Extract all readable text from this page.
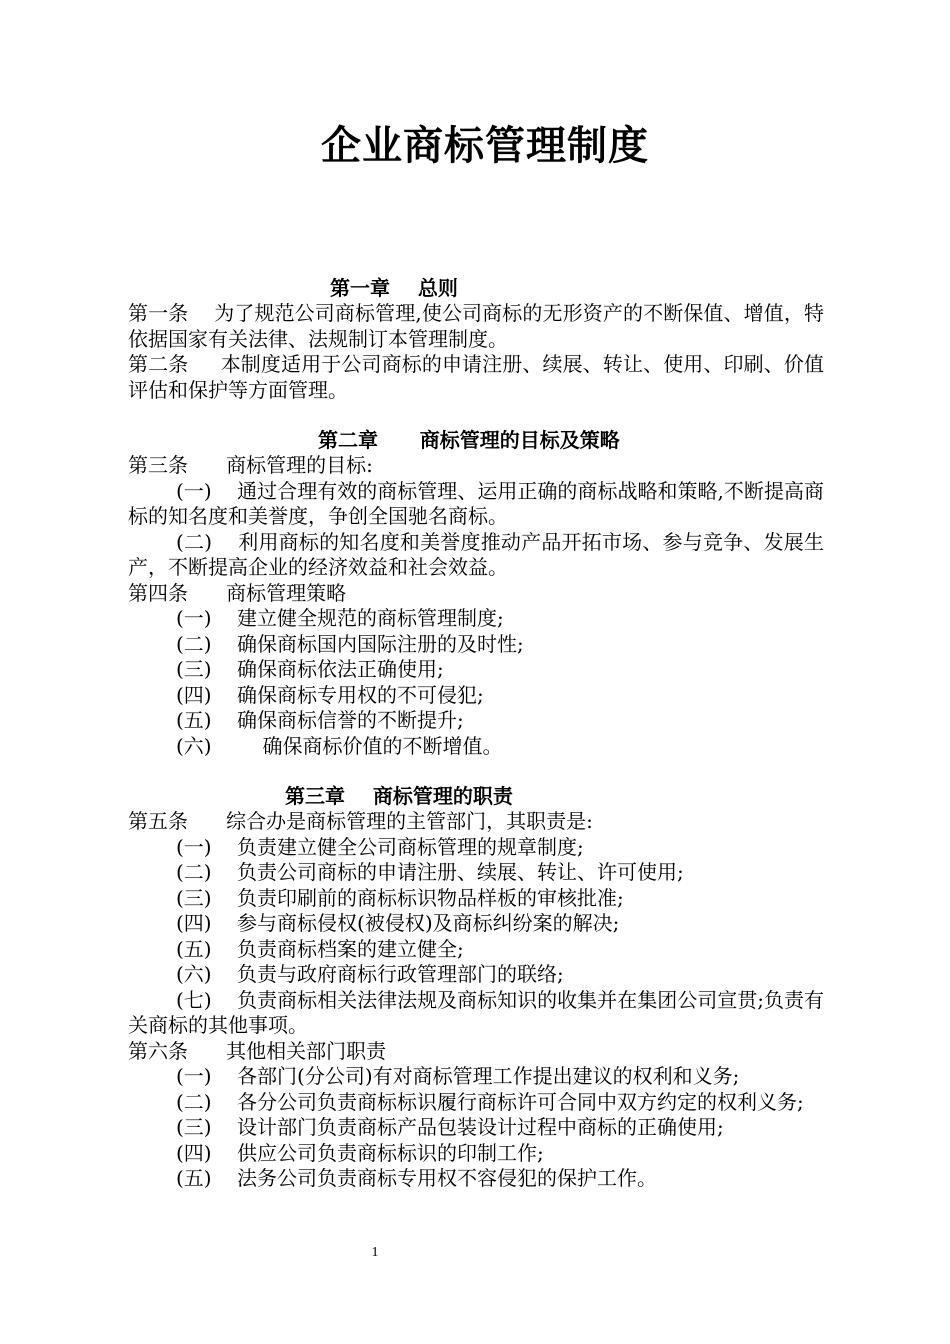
企业商标管理制度
第一章    总则

第一条    为了规范公司商标管理,使公司商标的无形资产的不断保值、增值，特依据国家有关法律、法规制订本管理制度。

第二条     本制度适用于公司商标的申请注册、续展、转让、使用、印刷、价值评估和保护等方面管理。

第二章      商标管理的目标及策略

第三条      商标管理的目标:

(一)    通过合理有效的商标管理、运用正确的商标战略和策略,不断提高商标的知名度和美誉度，争创全国驰名商标。

(二)    利用商标的知名度和美誉度推动产品开拓市场、参与竞争、发展生产，不断提高企业的经济效益和社会效益。

第四条      商标管理策略

(一)    建立健全规范的商标管理制度;

(二)    确保商标国内国际注册的及时性;

(三)    确保商标依法正确使用;

(四)    确保商标专用权的不可侵犯;

(五)    确保商标信誉的不断提升;

(六)        确保商标价值的不断增值。

第三章    商标管理的职责

第五条      综合办是商标管理的主管部门，其职责是:

(一)    负责建立健全公司商标管理的规章制度;

(二)    负责公司商标的申请注册、续展、转让、许可使用;

(三)    负责印刷前的商标标识物品样板的审核批准;

(四)    参与商标侵权(被侵权)及商标纠纷案的解决;

(五)    负责商标档案的建立健全;

(六)    负责与政府商标行政管理部门的联络;

(七)    负责商标相关法律法规及商标知识的收集并在集团公司宣贯;负责有关商标的其他事项。

第六条      其他相关部门职责

(一)    各部门(分公司)有对商标管理工作提出建议的权利和义务;

(二)    各分公司负责商标标识履行商标许可合同中双方约定的权利义务;

(三)    设计部门负责商标产品包装设计过程中商标的正确使用;

(四)    供应公司负责商标标识的印制工作;

(五)    法务公司负责商标专用权不容侵犯的保护工作。

1
